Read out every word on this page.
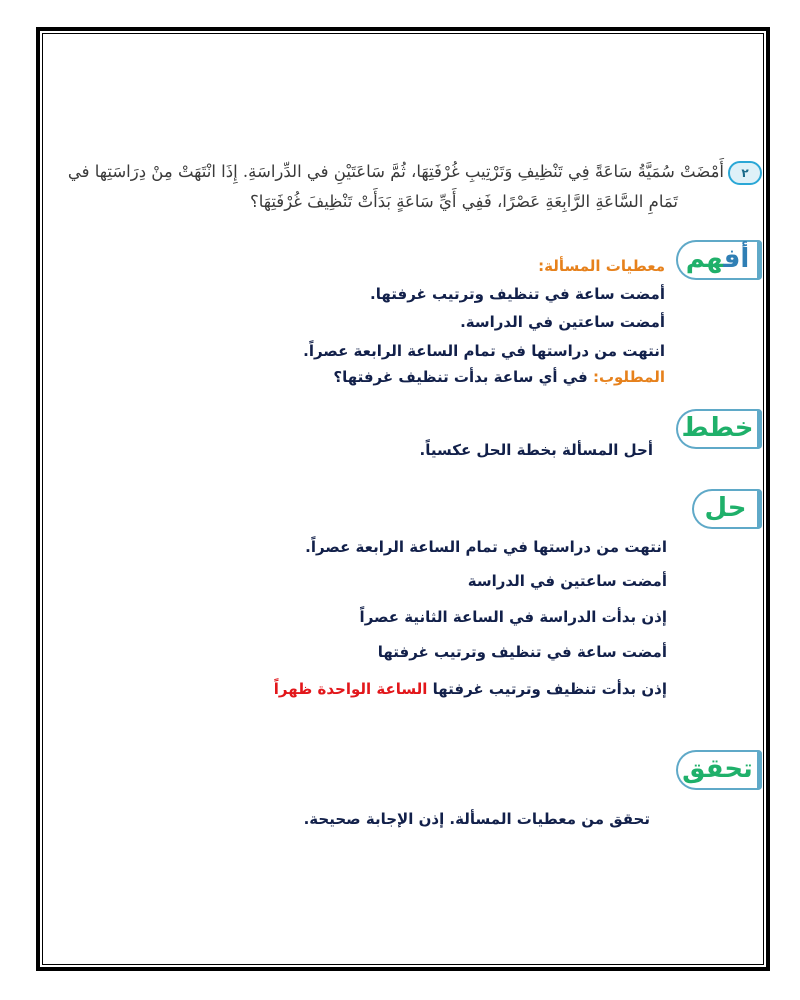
٢
أَمْضَتْ سُمَيَّةُ سَاعَةً فِي تَنْظِيفِ وَتَرْتِيبِ غُرْفَتِهَا، ثُمَّ سَاعَتَيْنِ في الدِّراسَةِ. إِذَا انْتَهَتْ مِنْ دِرَاسَتِها في
تَمَامِ السَّاعَةِ الرَّابِعَةِ عَصْرًا، فَفِي أَيِّ سَاعَةٍ بَدَأَتْ تَنْظِيفَ غُرْفَتِهَا؟
أفهم
معطيات المسألة:
أمضت ساعة في تنظيف وترتيب غرفتها.
أمضت ساعتين في الدراسة.
انتهت من دراستها في تمام الساعة الرابعة عصراً.
المطلوب: في أي ساعة بدأت تنظيف غرفتها؟
خطط
أحل المسألة بخطة الحل عكسياً.
حل
انتهت من دراستها في تمام الساعة الرابعة عصراً.
أمضت ساعتين في الدراسة
إذن بدأت الدراسة في الساعة الثانية عصراً
أمضت ساعة في تنظيف وترتيب غرفتها
إذن بدأت تنظيف وترتيب غرفتها الساعة الواحدة ظهراً
تحقق
تحقق من معطيات المسألة. إذن الإجابة صحيحة.
